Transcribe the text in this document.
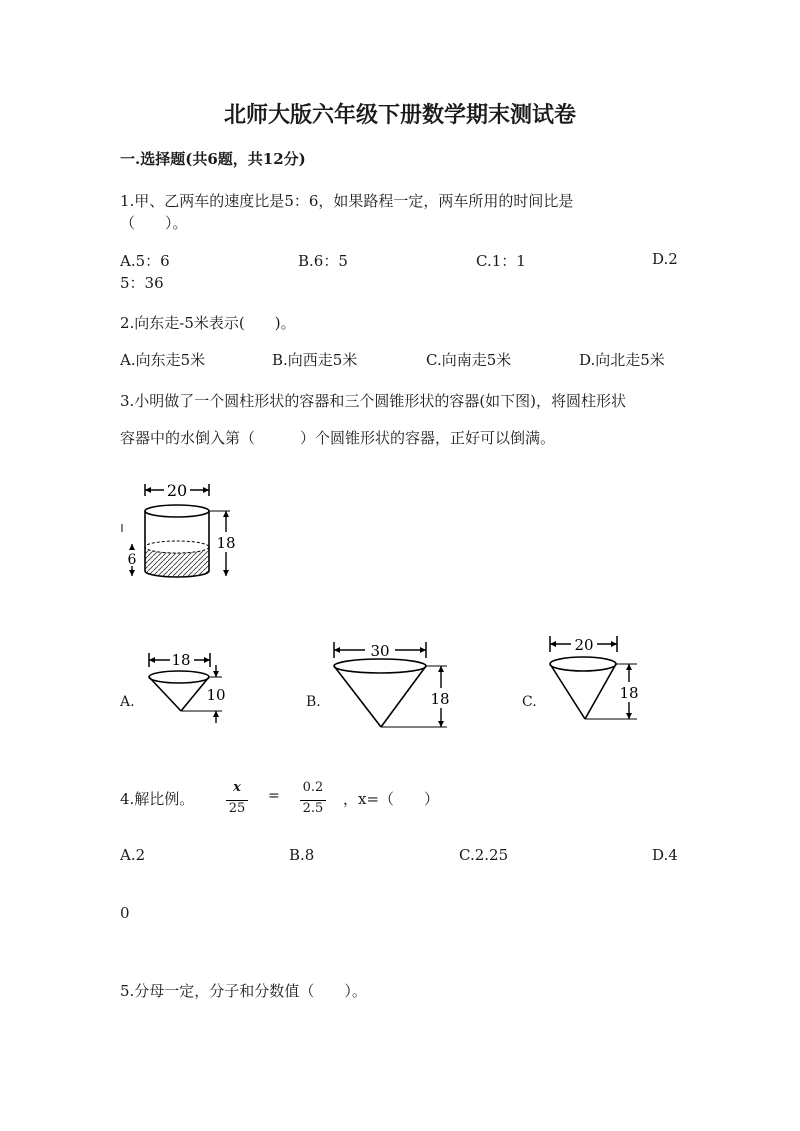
北师大版六年级下册数学期末测试卷
一.选择题(共6题，共12分)
1.甲、乙两车的速度比是5：6，如果路程一定，两车所用的时间比是
（　　）。
A.5：6	B.6：5	C.1：1	D.2
5：36
2.向东走-5米表示(　　)。
A.向东走5米	B.向西走5米	C.向南走5米	D.向北走5米
3.小明做了一个圆柱形状的容器和三个圆锥形状的容器(如下图)，将圆柱形状
容器中的水倒入第（　　　）个圆锥形状的容器，正好可以倒满。
20
18
6
A.
18
10	B.
30
18	C.
20
18
4.解比例。
x
25
=
0.2
2.5
，x=（　　）
A.2	B.8	C.2.25	D.4
0
5.分母一定，分子和分数值（　　）。
